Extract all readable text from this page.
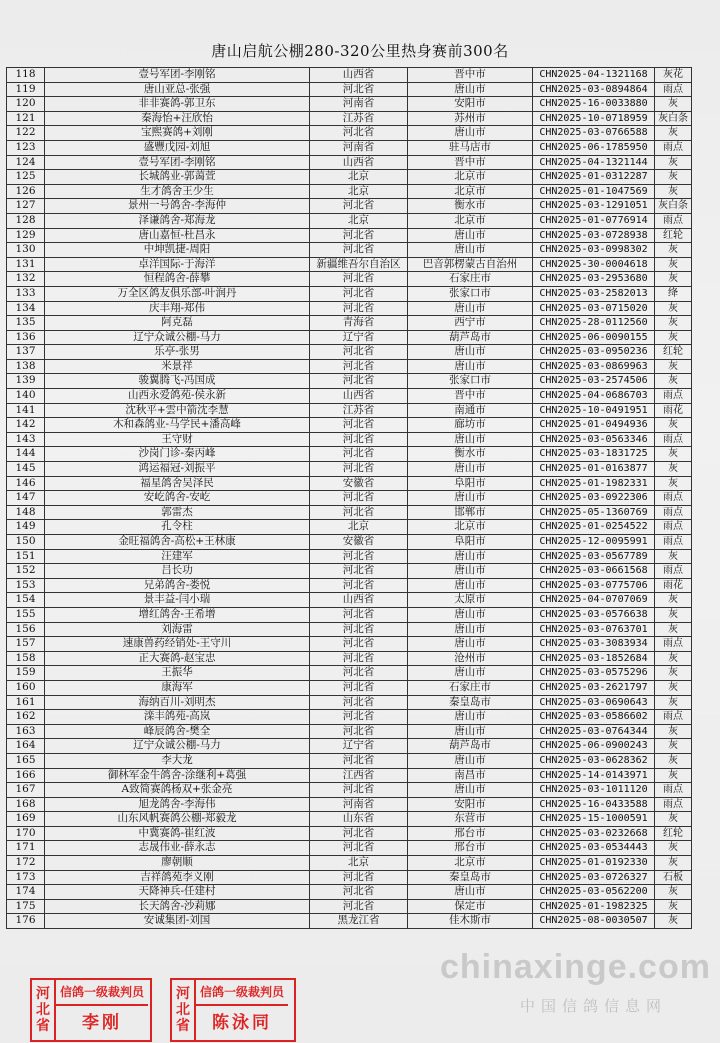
唐山启航公棚280-320公里热身赛前300名
118	壹号军团-李刚铭	山西省	晋中市	CHN2025-04-1321168	灰花
119	唐山亚总-张强	河北省	唐山市	CHN2025-03-0894864	雨点
120	非非赛鸽-郭卫东	河南省	安阳市	CHN2025-16-0033880	灰
121	秦海怡+汪欣怡	江苏省	苏州市	CHN2025-10-0718959	灰白条
122	宝熙赛鸽+刘刚	河北省	唐山市	CHN2025-03-0766588	灰
123	盛豐戊园-刘旭	河南省	驻马店市	CHN2025-06-1785950	雨点
124	壹号军团-李刚铭	山西省	晋中市	CHN2025-04-1321144	灰
125	长城鸽业-郭蔼萱	北京	北京市	CHN2025-01-0312287	灰
126	生才鸽舍王少生	北京	北京市	CHN2025-01-1047569	灰
127	景州一号鸽舍-李海仲	河北省	衡水市	CHN2025-03-1291051	灰白条
128	泽谦鸽舍-郑海龙	北京	北京市	CHN2025-01-0776914	雨点
129	唐山嘉恒-杜昌永	河北省	唐山市	CHN2025-03-0728938	红轮
130	中坤凯捷-周阳	河北省	唐山市	CHN2025-03-0998302	灰
131	卓洋国际-于海洋	新疆维吾尔自治区	巴音郭楞蒙古自治州	CHN2025-30-0004618	灰
132	恒程鸽舍-薛攀	河北省	石家庄市	CHN2025-03-2953680	灰
133	万全区鸽友俱乐部-叶润丹	河北省	张家口市	CHN2025-03-2582013	绛
134	庆丰翔-郑伟	河北省	唐山市	CHN2025-03-0715020	灰
135	阿克磊	青海省	西宁市	CHN2025-28-0112560	灰
136	辽宁众诚公棚-马力	辽宁省	葫芦岛市	CHN2025-06-0090155	灰
137	乐亭-张男	河北省	唐山市	CHN2025-03-0950236	红轮
138	米景祥	河北省	唐山市	CHN2025-03-0869963	灰
139	骏翼腾飞-冯国成	河北省	张家口市	CHN2025-03-2574506	灰
140	山西永爱鸽苑-侯永新	山西省	晋中市	CHN2025-04-0686703	雨点
141	沈秋平+雲中箭沈李慧	江苏省	南通市	CHN2025-10-0491951	雨花
142	木和森鸽业-马学民+潘高峰	河北省	廊坊市	CHN2025-01-0494936	灰
143	王守财	河北省	唐山市	CHN2025-03-0563346	雨点
144	沙岗门诊-秦丙峰	河北省	衡水市	CHN2025-03-1831725	灰
145	鸿运福冠-刘振平	河北省	唐山市	CHN2025-01-0163877	灰
146	福星鸽舍吴泽民	安徽省	阜阳市	CHN2025-01-1982331	灰
147	安屹鸽舍-安屹	河北省	唐山市	CHN2025-03-0922306	雨点
148	郭雷杰	河北省	邯郸市	CHN2025-05-1360769	雨点
149	孔令柱	北京	北京市	CHN2025-01-0254522	雨点
150	金旺福鸽舍-高松+王林康	安徽省	阜阳市	CHN2025-12-0095991	雨点
151	汪建军	河北省	唐山市	CHN2025-03-0567789	灰
152	吕长功	河北省	唐山市	CHN2025-03-0661568	雨点
153	兄弟鸽舍-娄悦	河北省	唐山市	CHN2025-03-0775706	雨花
154	景丰益-闫小瑞	山西省	太原市	CHN2025-04-0707069	灰
155	增红鸽舍-王希增	河北省	唐山市	CHN2025-03-0576638	灰
156	刘海雷	河北省	唐山市	CHN2025-03-0763701	灰
157	速康兽药经销处-王守川	河北省	唐山市	CHN2025-03-3083934	雨点
158	正大赛鸽-赵宝忠	河北省	沧州市	CHN2025-03-1852684	灰
159	王振华	河北省	唐山市	CHN2025-03-0575296	灰
160	康海军	河北省	石家庄市	CHN2025-03-2621797	灰
161	海纳百川-刘明杰	河北省	秦皇岛市	CHN2025-03-0690643	灰
162	滦丰鸽苑-高岚	河北省	唐山市	CHN2025-03-0586602	雨点
163	峰辰鸽舍-樊全	河北省	唐山市	CHN2025-03-0764344	灰
164	辽宁众诚公棚-马力	辽宁省	葫芦岛市	CHN2025-06-0900243	灰
165	李大龙	河北省	唐山市	CHN2025-03-0628362	灰
166	御林军金牛鸽舍-涂继利+葛强	江西省	南昌市	CHN2025-14-0143971	灰
167	A致简赛鸽杨双+张金亮	河北省	唐山市	CHN2025-03-1011120	雨点
168	旭龙鸽舍-李海伟	河南省	安阳市	CHN2025-16-0433588	雨点
169	山东风帆赛鸽公棚-郑毅龙	山东省	东营市	CHN2025-15-1000591	灰
170	中冀赛鸽-崔红波	河北省	邢台市	CHN2025-03-0232668	红轮
171	志晟伟业-薛永志	河北省	邢台市	CHN2025-03-0534443	灰
172	廖朝顺	北京	北京市	CHN2025-01-0192330	灰
173	吉祥鸽苑李义刚	河北省	秦皇岛市	CHN2025-03-0726327	石板
174	天降神兵-任建村	河北省	唐山市	CHN2025-03-0562200	灰
175	长天鸽舍-沙莉娜	河北省	保定市	CHN2025-01-1982325	灰
176	安诚集团-刘国	黑龙江省	佳木斯市	CHN2025-08-0030507	灰
chinaxinge.com
中国信鸽信息网
河
北
省
信鸽一级裁判员
李刚
河
北
省
信鸽一级裁判员
陈泳同
